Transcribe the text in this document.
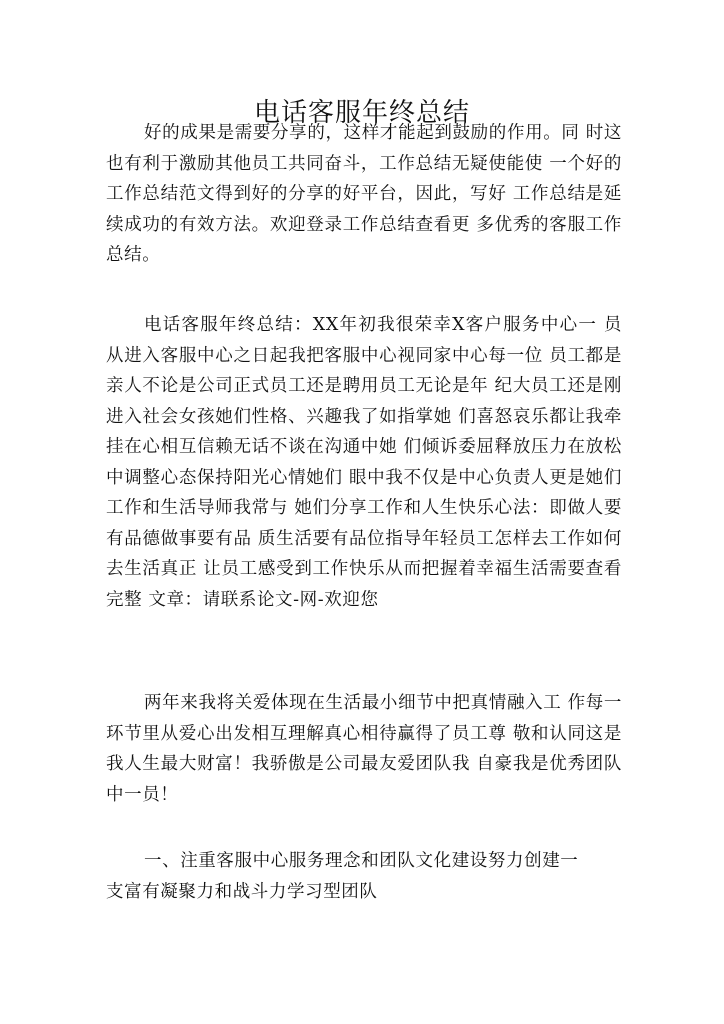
电话客服年终总结

好的成果是需要分享的，这样才能起到鼓励的作用。同 时这也有利于激励其他员工共同奋斗，工作总结无疑使能使 一个好的工作总结范文得到好的分享的好平台，因此，写好 工作总结是延续成功的有效方法。欢迎登录工作总结查看更 多优秀的客服工作总结。

电话客服年终总结：XX年初我很荣幸X客户服务中心一 员从进入客服中心之日起我把客服中心视同家中心每一位 员工都是亲人不论是公司正式员工还是聘用员工无论是年 纪大员工还是刚进入社会女孩她们性格、兴趣我了如指掌她 们喜怒哀乐都让我牵挂在心相互信赖无话不谈在沟通中她 们倾诉委屈释放压力在放松中调整心态保持阳光心情她们 眼中我不仅是中心负责人更是她们工作和生活导师我常与 她们分享工作和人生快乐心法：即做人要有品德做事要有品 质生活要有品位指导年轻员工怎样去工作如何去生活真正 让员工感受到工作快乐从而把握着幸福生活需要查看完整 文章：请联系论文-网-欢迎您

两年来我将关爱体现在生活最小细节中把真情融入工 作每一环节里从爱心出发相互理解真心相待赢得了员工尊 敬和认同这是我人生最大财富！我骄傲是公司最友爱团队我 自豪我是优秀团队中一员！

一、注重客服中心服务理念和团队文化建设努力创建一
支富有凝聚力和战斗力学习型团队
